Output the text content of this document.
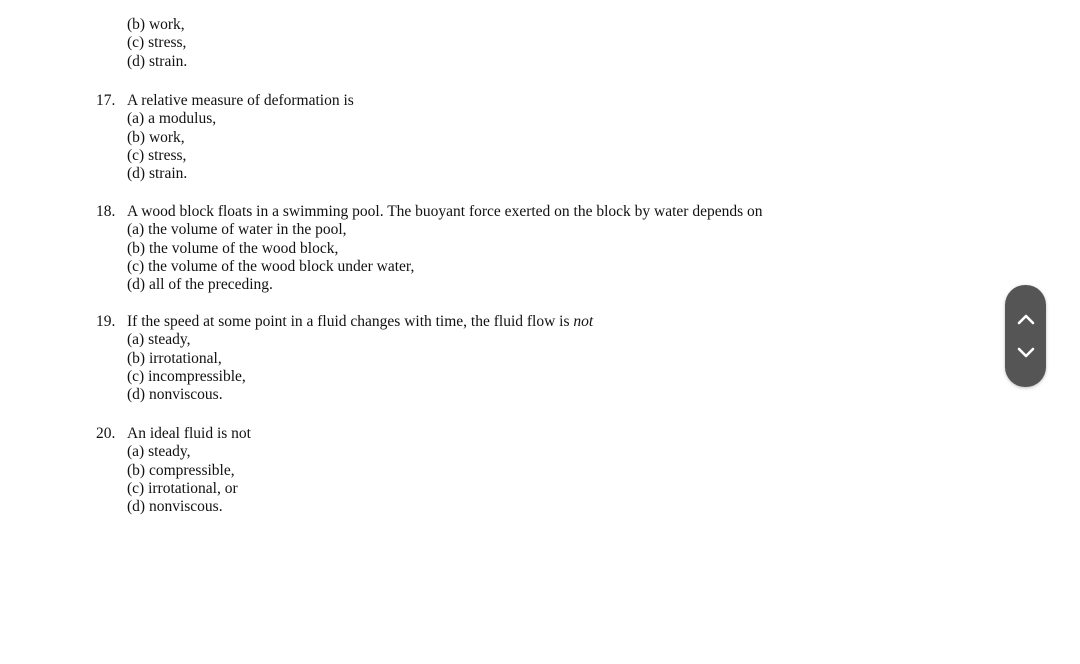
(b) work,
(c) stress,
(d) strain.
17. A relative measure of deformation is
(a) a modulus,
(b) work,
(c) stress,
(d) strain.
18. A wood block floats in a swimming pool. The buoyant force exerted on the block by water depends on
(a) the volume of water in the pool,
(b) the volume of the wood block,
(c) the volume of the wood block under water,
(d) all of the preceding.
19. If the speed at some point in a fluid changes with time, the fluid flow is not
(a) steady,
(b) irrotational,
(c) incompressible,
(d) nonviscous.
20. An ideal fluid is not
(a) steady,
(b) compressible,
(c) irrotational, or
(d) nonviscous.
